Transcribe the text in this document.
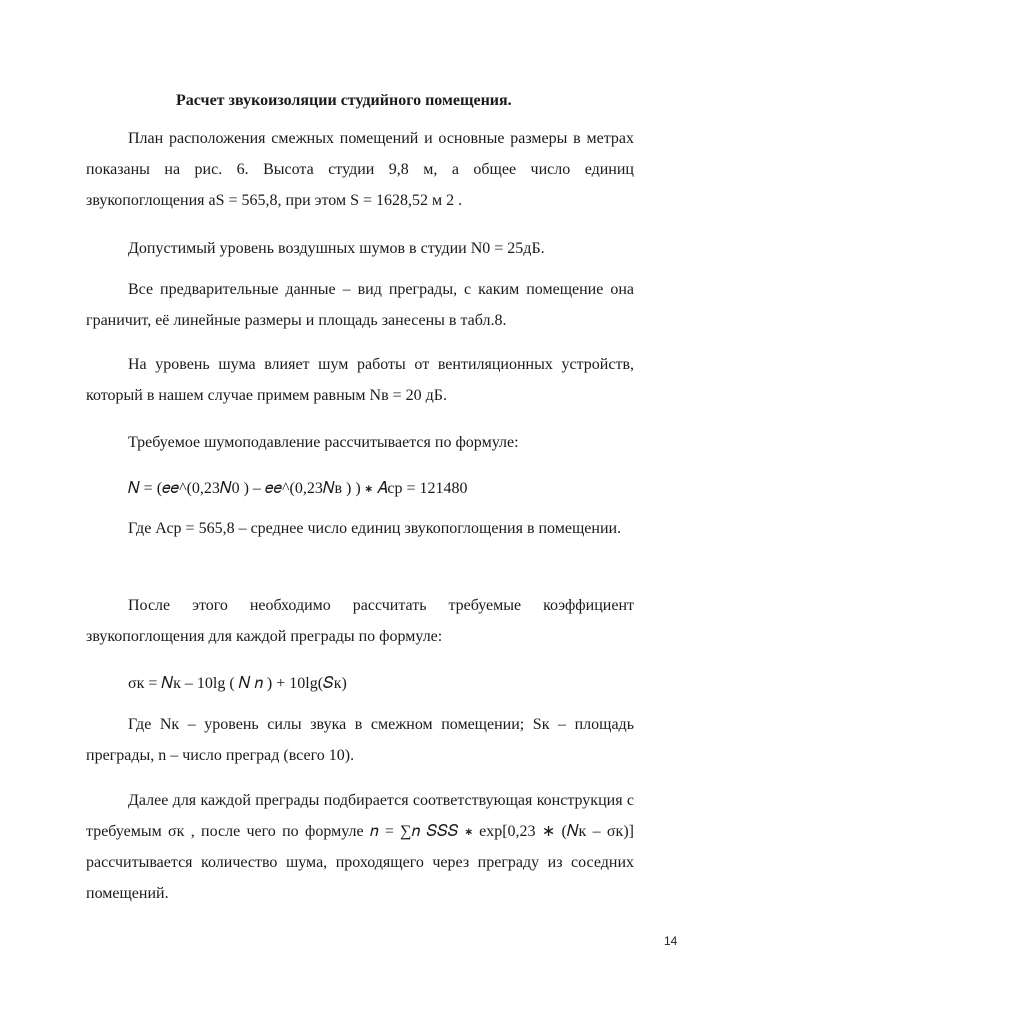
Расчет звукоизоляции студийного помещения.

План расположения смежных помещений и основные размеры в метрах показаны на рис. 6. Высота студии 9,8 м, а общее число единиц звукопоглощения aS = 565,8, при этом S = 1628,52 м 2 .

Допустимый уровень воздушных шумов в студии N0 = 25дБ.

Все предварительные данные – вид преграды, с каким помещение она граничит, её линейные размеры и площадь занесены в табл.8.

На уровень шума влияет шум работы от вентиляционных устройств, который в нашем случае примем равным Nв = 20 дБ.

Требуемое шумоподавление рассчитывается по формуле:
𝑁 = (𝑒𝑒^(0,23𝑁0 ) – 𝑒𝑒^(0,23𝑁в ) ) ∗ 𝐴ср = 121480

Где Аср = 565,8 – среднее число единиц звукопоглощения в помещении.

После этого необходимо рассчитать требуемые коэффициент звукопоглощения для каждой преграды по формуле:

σк = 𝑁к – 10lg ( 𝑁 𝑛 ) + 10lg(𝑆к)

Где Nк – уровень силы звука в смежном помещении; Sк – площадь преграды, n – число преград (всего 10).

Далее для каждой преграды подбирается соответствующая конструкция с требуемым σк , после чего по формуле 𝑛 = ∑𝑛 𝑆𝑆𝑆 ∗ exp[0,23 ∗ (𝑁к – σк)] рассчитывается количество шума, проходящего через преграду из соседних помещений.

14
